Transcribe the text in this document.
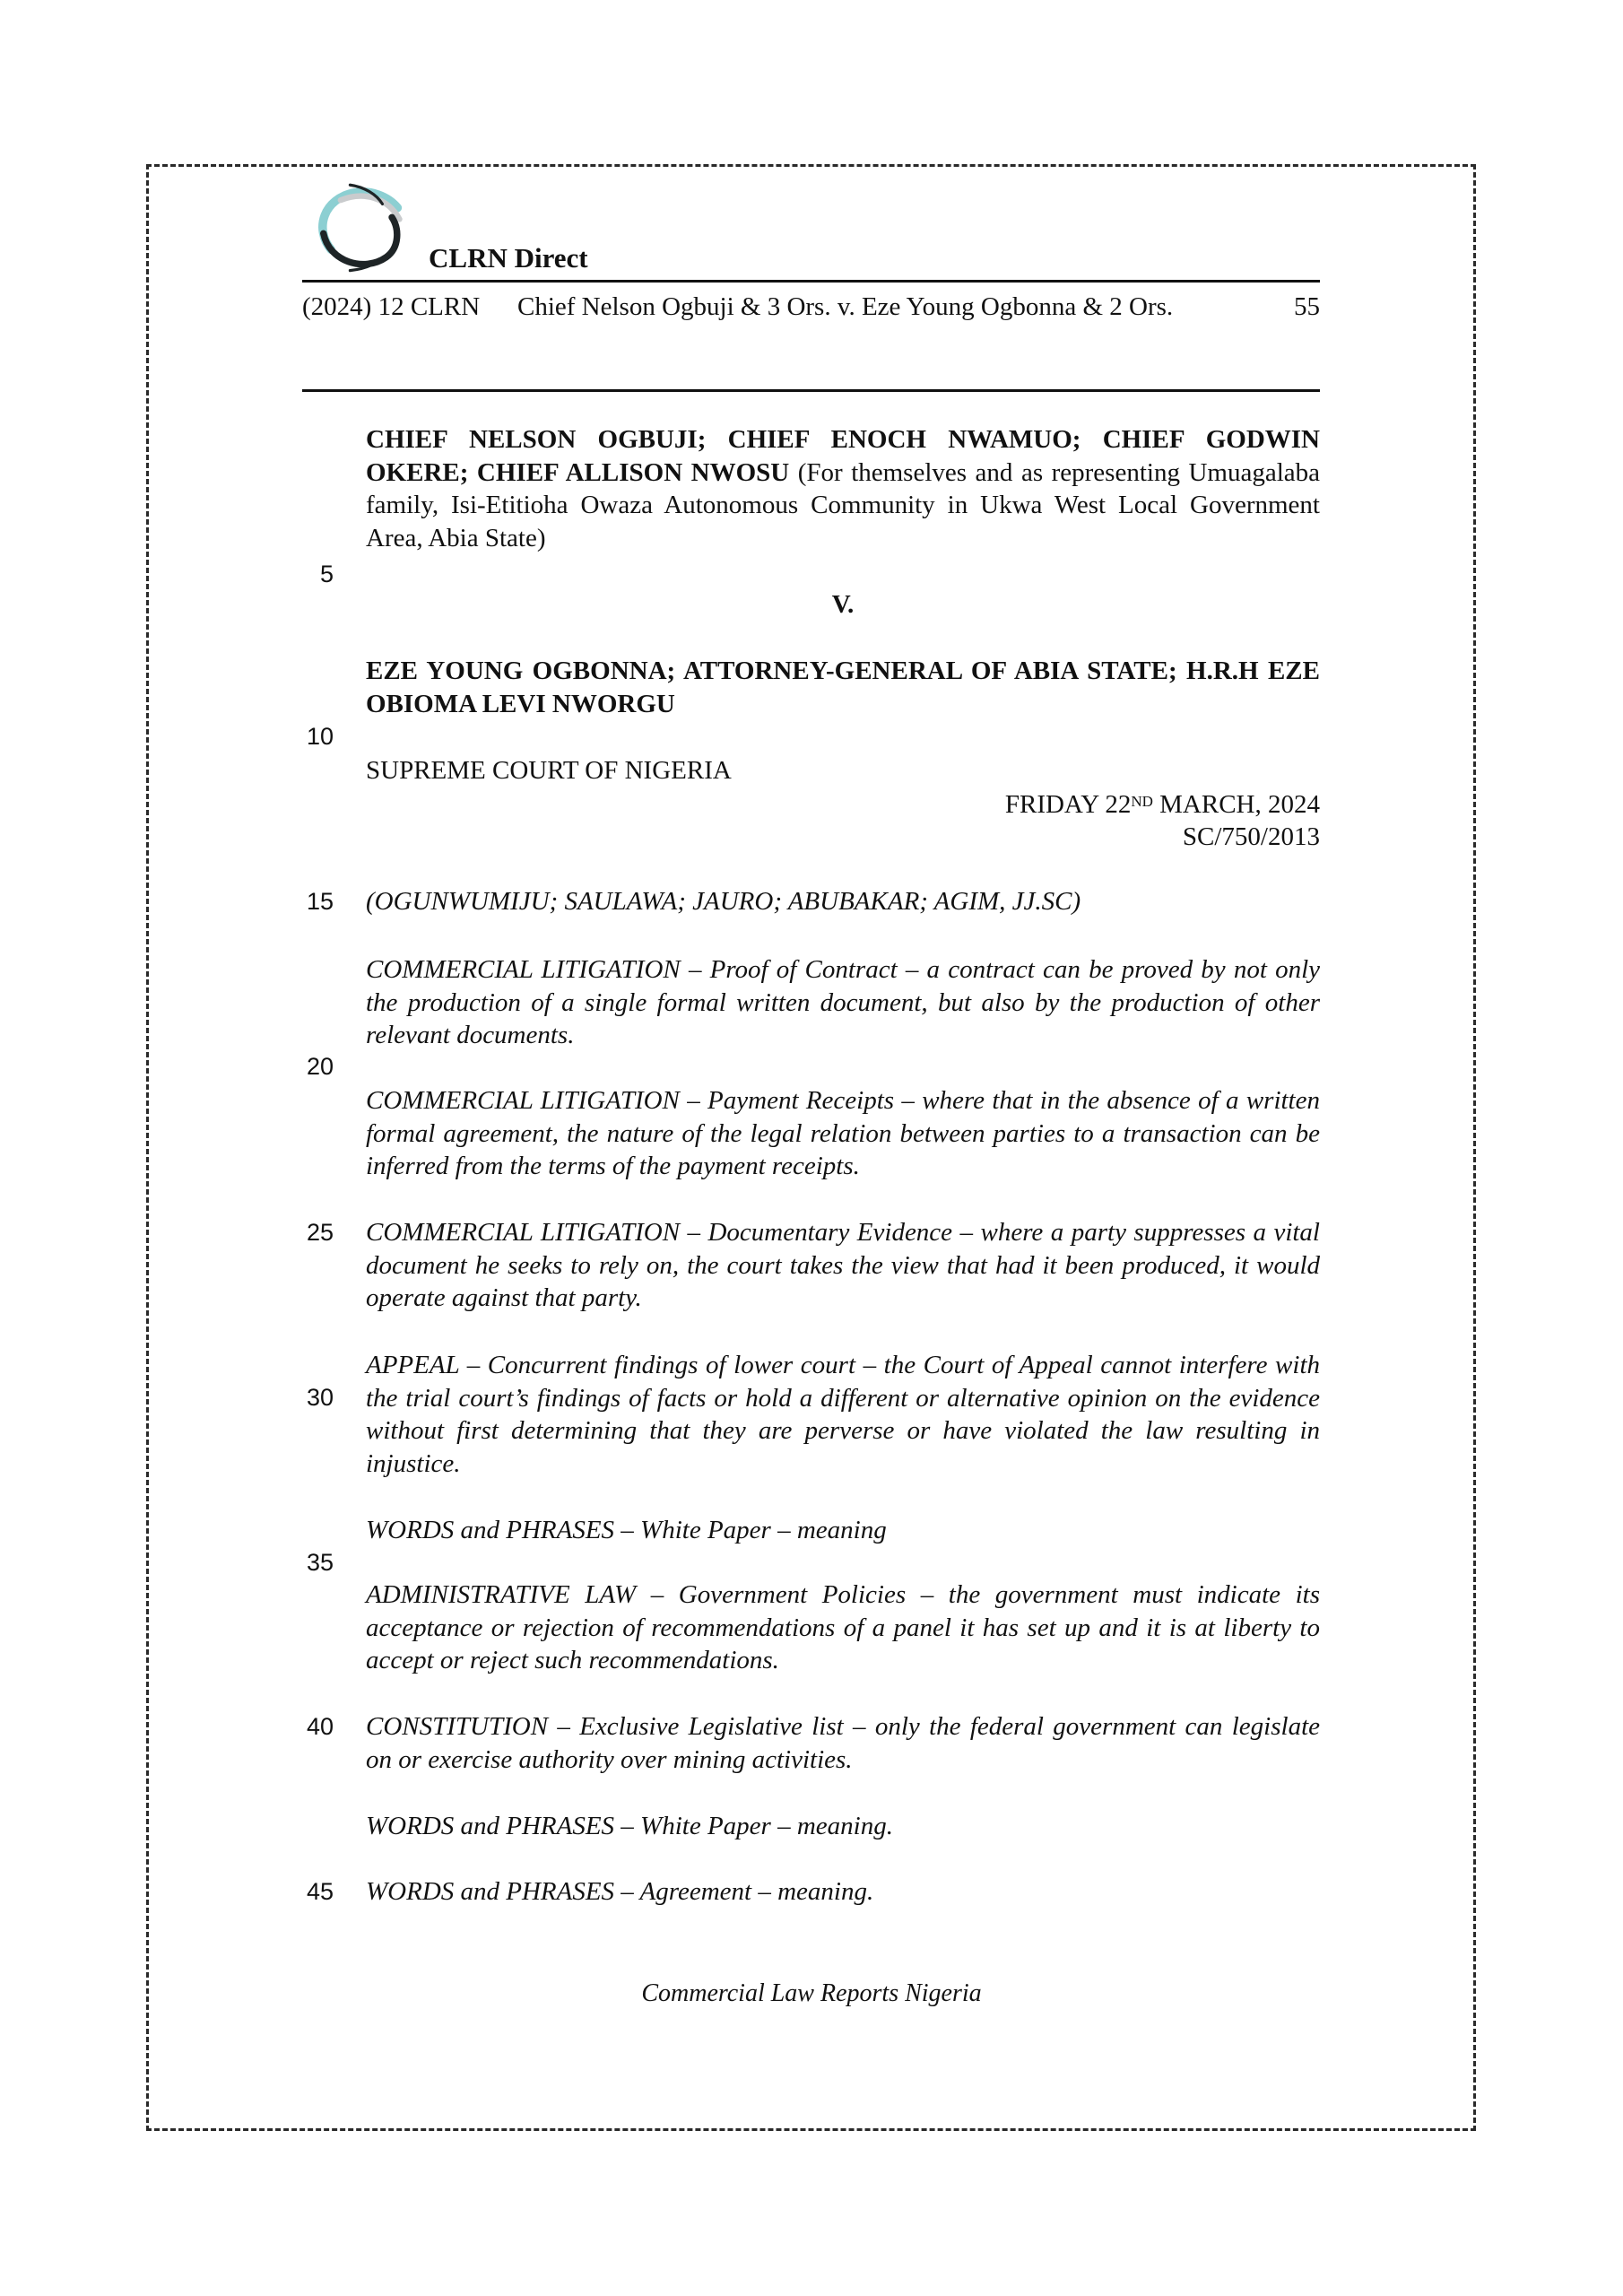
CLRN Direct
(2024) 12 CLRN	Chief Nelson Ogbuji & 3 Ors. v. Eze Young Ogbonna & 2 Ors.	55
CHIEF NELSON OGBUJI; CHIEF ENOCH NWAMUO; CHIEF GODWIN OKERE; CHIEF ALLISON NWOSU (For themselves and as representing Umuagalaba family, Isi-Etitioha Owaza Autonomous Community in Ukwa West Local Government Area, Abia State)
5
V.
EZE YOUNG OGBONNA; ATTORNEY-GENERAL OF ABIA STATE; H.R.H EZE OBIOMA LEVI NWORGU
10
SUPREME COURT OF NIGERIA
FRIDAY 22ND MARCH, 2024
SC/750/2013
15 (OGUNWUMIJU; SAULAWA; JAURO; ABUBAKAR; AGIM, JJ.SC)
COMMERCIAL LITIGATION – Proof of Contract – a contract can be proved by not only the production of a single formal written document, but also by the production of other relevant documents.
20
COMMERCIAL LITIGATION – Payment Receipts – where that in the absence of a written formal agreement, the nature of the legal relation between parties to a transaction can be inferred from the terms of the payment receipts.
25 COMMERCIAL LITIGATION – Documentary Evidence – where a party suppresses a vital document he seeks to rely on, the court takes the view that had it been produced, it would operate against that party.
APPEAL – Concurrent findings of lower court – the Court of Appeal cannot interfere with the trial court’s findings of facts or hold a different or alternative opinion on the evidence without first determining that they are perverse or have violated the law resulting in injustice.
30
WORDS and PHRASES – White Paper – meaning
35
ADMINISTRATIVE LAW – Government Policies – the government must indicate its acceptance or rejection of recommendations of a panel it has set up and it is at liberty to accept or reject such recommendations.
40 CONSTITUTION – Exclusive Legislative list – only the federal government can legislate on or exercise authority over mining activities.
WORDS and PHRASES – White Paper – meaning.
45 WORDS and PHRASES – Agreement – meaning.
Commercial Law Reports Nigeria
